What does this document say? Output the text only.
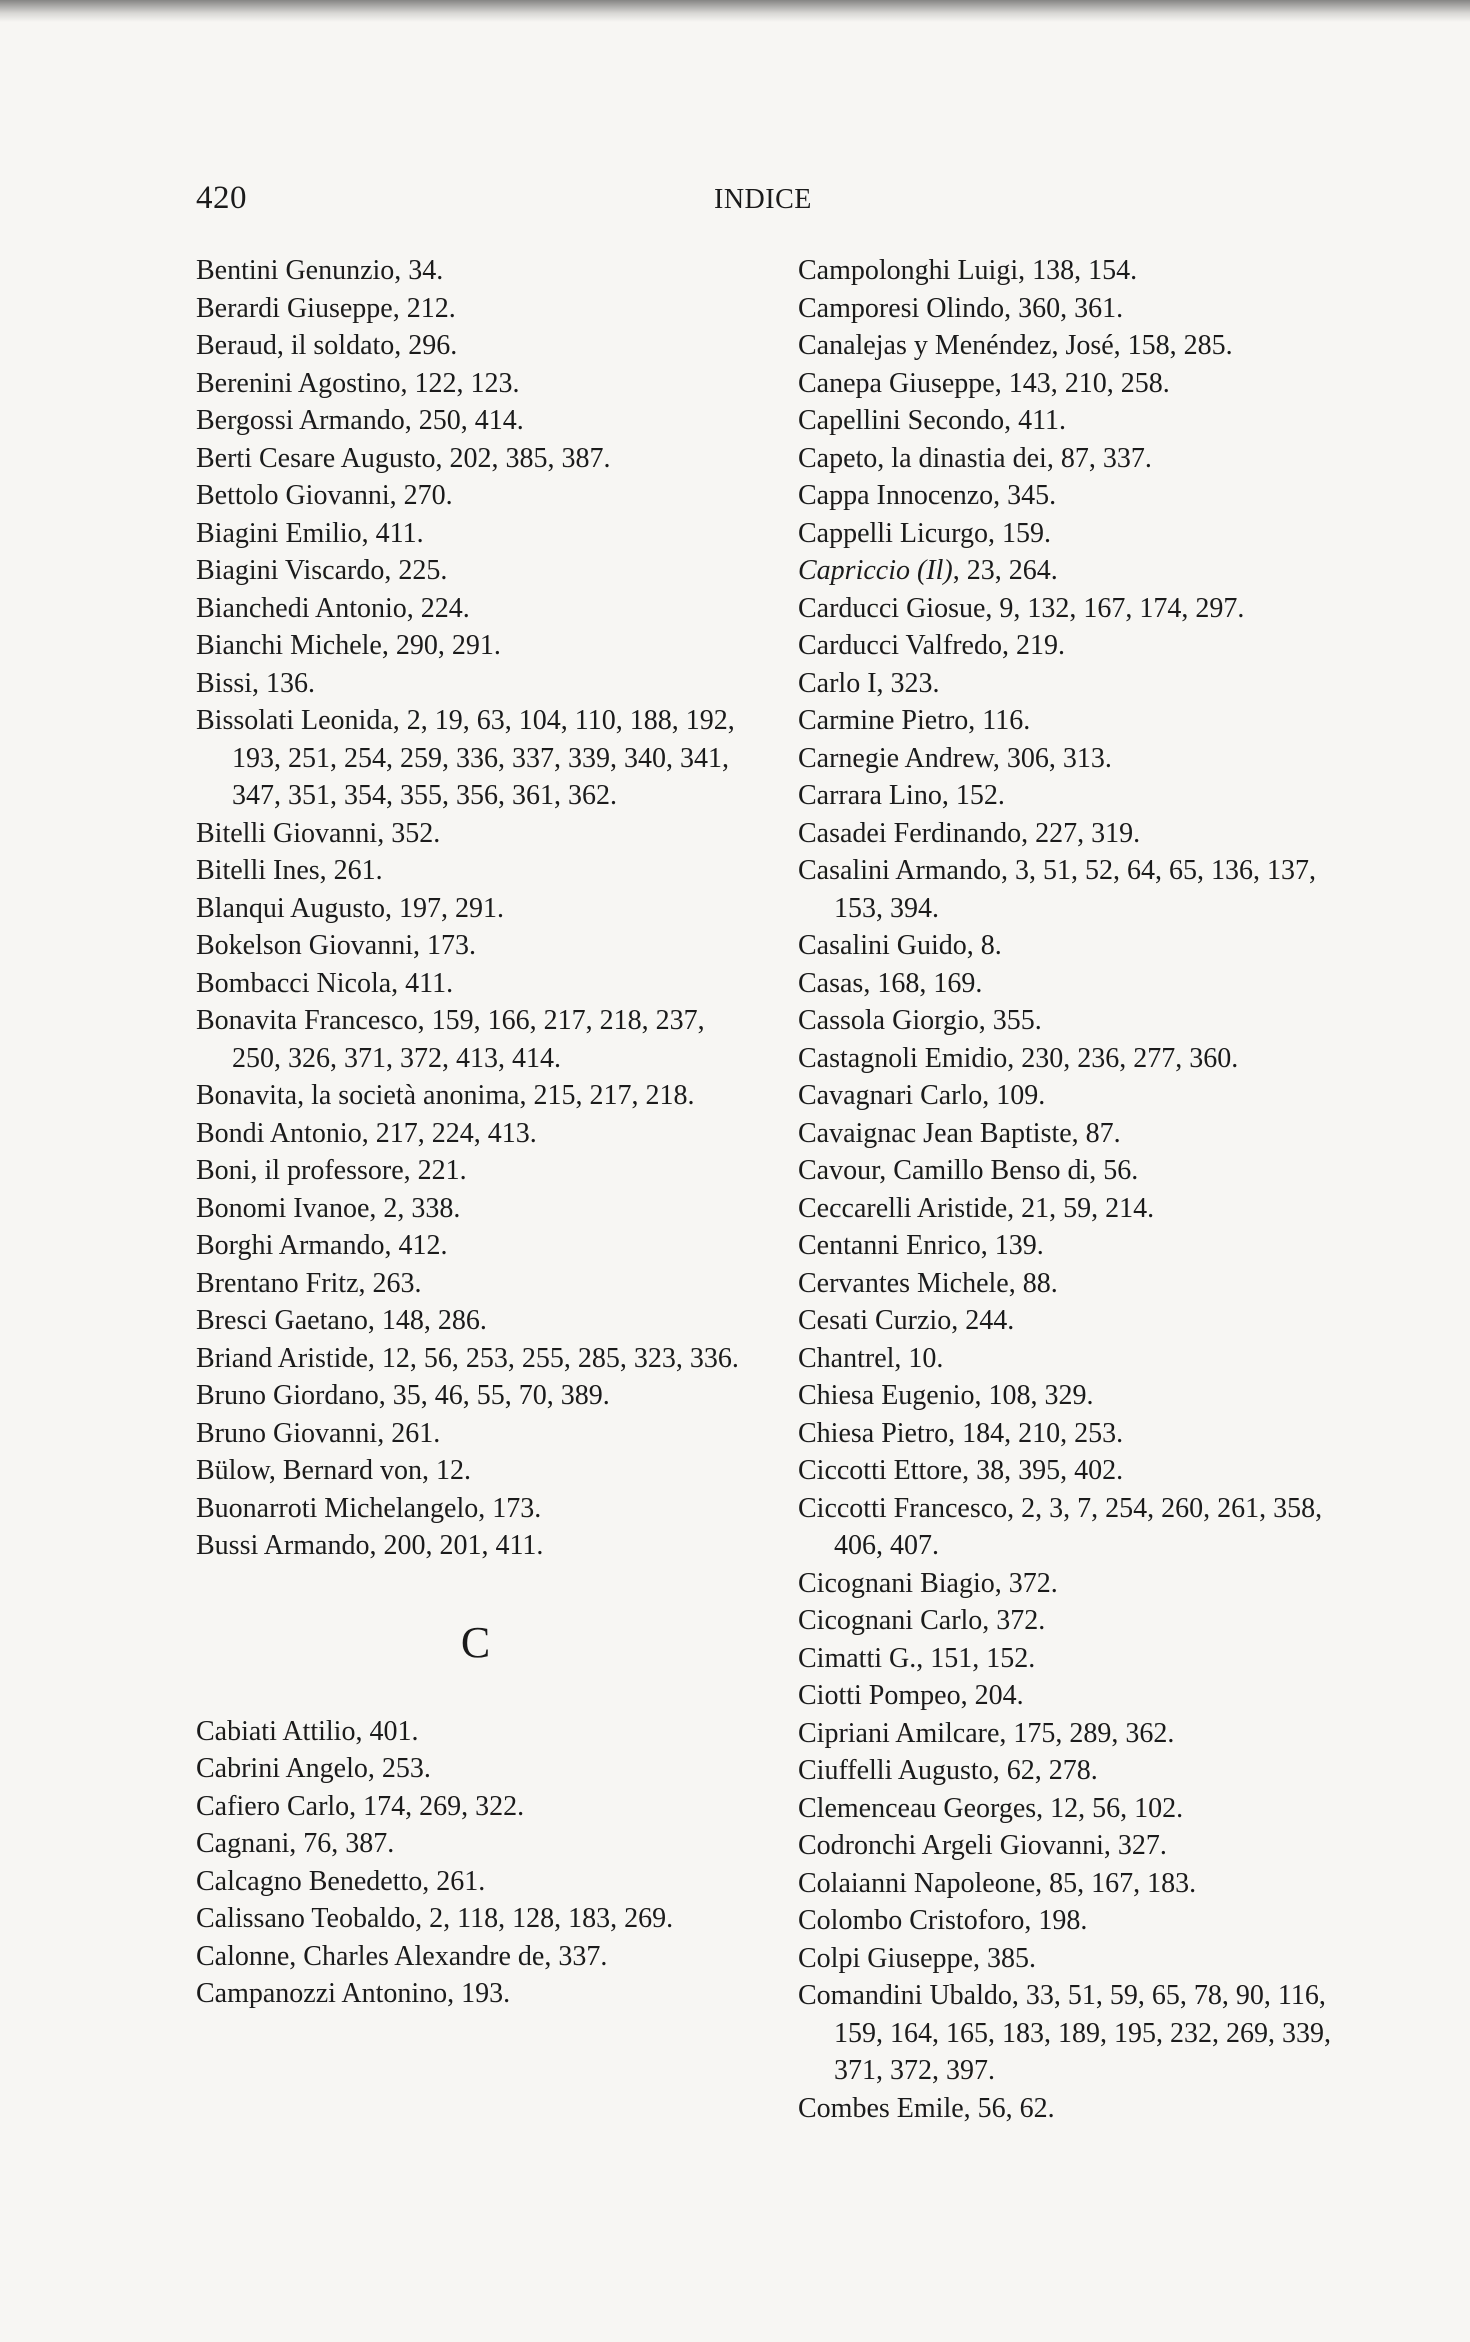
420	INDICE
Bentini Genunzio, 34.
Berardi Giuseppe, 212.
Beraud, il soldato, 296.
Berenini Agostino, 122, 123.
Bergossi Armando, 250, 414.
Berti Cesare Augusto, 202, 385, 387.
Bettolo Giovanni, 270.
Biagini Emilio, 411.
Biagini Viscardo, 225.
Bianchedi Antonio, 224.
Bianchi Michele, 290, 291.
Bissi, 136.
Bissolati Leonida, 2, 19, 63, 104, 110, 188, 192, 193, 251, 254, 259, 336, 337, 339, 340, 341, 347, 351, 354, 355, 356, 361, 362.
Bitelli Giovanni, 352.
Bitelli Ines, 261.
Blanqui Augusto, 197, 291.
Bokelson Giovanni, 173.
Bombacci Nicola, 411.
Bonavita Francesco, 159, 166, 217, 218, 237, 250, 326, 371, 372, 413, 414.
Bonavita, la società anonima, 215, 217, 218.
Bondi Antonio, 217, 224, 413.
Boni, il professore, 221.
Bonomi Ivanoe, 2, 338.
Borghi Armando, 412.
Brentano Fritz, 263.
Bresci Gaetano, 148, 286.
Briand Aristide, 12, 56, 253, 255, 285, 323, 336.
Bruno Giordano, 35, 46, 55, 70, 389.
Bruno Giovanni, 261.
Bülow, Bernard von, 12.
Buonarroti Michelangelo, 173.
Bussi Armando, 200, 201, 411.
C
Cabiati Attilio, 401.
Cabrini Angelo, 253.
Cafiero Carlo, 174, 269, 322.
Cagnani, 76, 387.
Calcagno Benedetto, 261.
Calissano Teobaldo, 2, 118, 128, 183, 269.
Calonne, Charles Alexandre de, 337.
Campanozzi Antonino, 193.
Campolonghi Luigi, 138, 154.
Camporesi Olindo, 360, 361.
Canalejas y Menéndez, José, 158, 285.
Canepa Giuseppe, 143, 210, 258.
Capellini Secondo, 411.
Capeto, la dinastia dei, 87, 337.
Cappa Innocenzo, 345.
Cappelli Licurgo, 159.
Capriccio (Il), 23, 264.
Carducci Giosue, 9, 132, 167, 174, 297.
Carducci Valfredo, 219.
Carlo I, 323.
Carmine Pietro, 116.
Carnegie Andrew, 306, 313.
Carrara Lino, 152.
Casadei Ferdinando, 227, 319.
Casalini Armando, 3, 51, 52, 64, 65, 136, 137, 153, 394.
Casalini Guido, 8.
Casas, 168, 169.
Cassola Giorgio, 355.
Castagnoli Emidio, 230, 236, 277, 360.
Cavagnari Carlo, 109.
Cavaignac Jean Baptiste, 87.
Cavour, Camillo Benso di, 56.
Ceccarelli Aristide, 21, 59, 214.
Centanni Enrico, 139.
Cervantes Michele, 88.
Cesati Curzio, 244.
Chantrel, 10.
Chiesa Eugenio, 108, 329.
Chiesa Pietro, 184, 210, 253.
Ciccotti Ettore, 38, 395, 402.
Ciccotti Francesco, 2, 3, 7, 254, 260, 261, 358, 406, 407.
Cicognani Biagio, 372.
Cicognani Carlo, 372.
Cimatti G., 151, 152.
Ciotti Pompeo, 204.
Cipriani Amilcare, 175, 289, 362.
Ciuffelli Augusto, 62, 278.
Clemenceau Georges, 12, 56, 102.
Codronchi Argeli Giovanni, 327.
Colaianni Napoleone, 85, 167, 183.
Colombo Cristoforo, 198.
Colpi Giuseppe, 385.
Comandini Ubaldo, 33, 51, 59, 65, 78, 90, 116, 159, 164, 165, 183, 189, 195, 232, 269, 339, 371, 372, 397.
Combes Emile, 56, 62.
